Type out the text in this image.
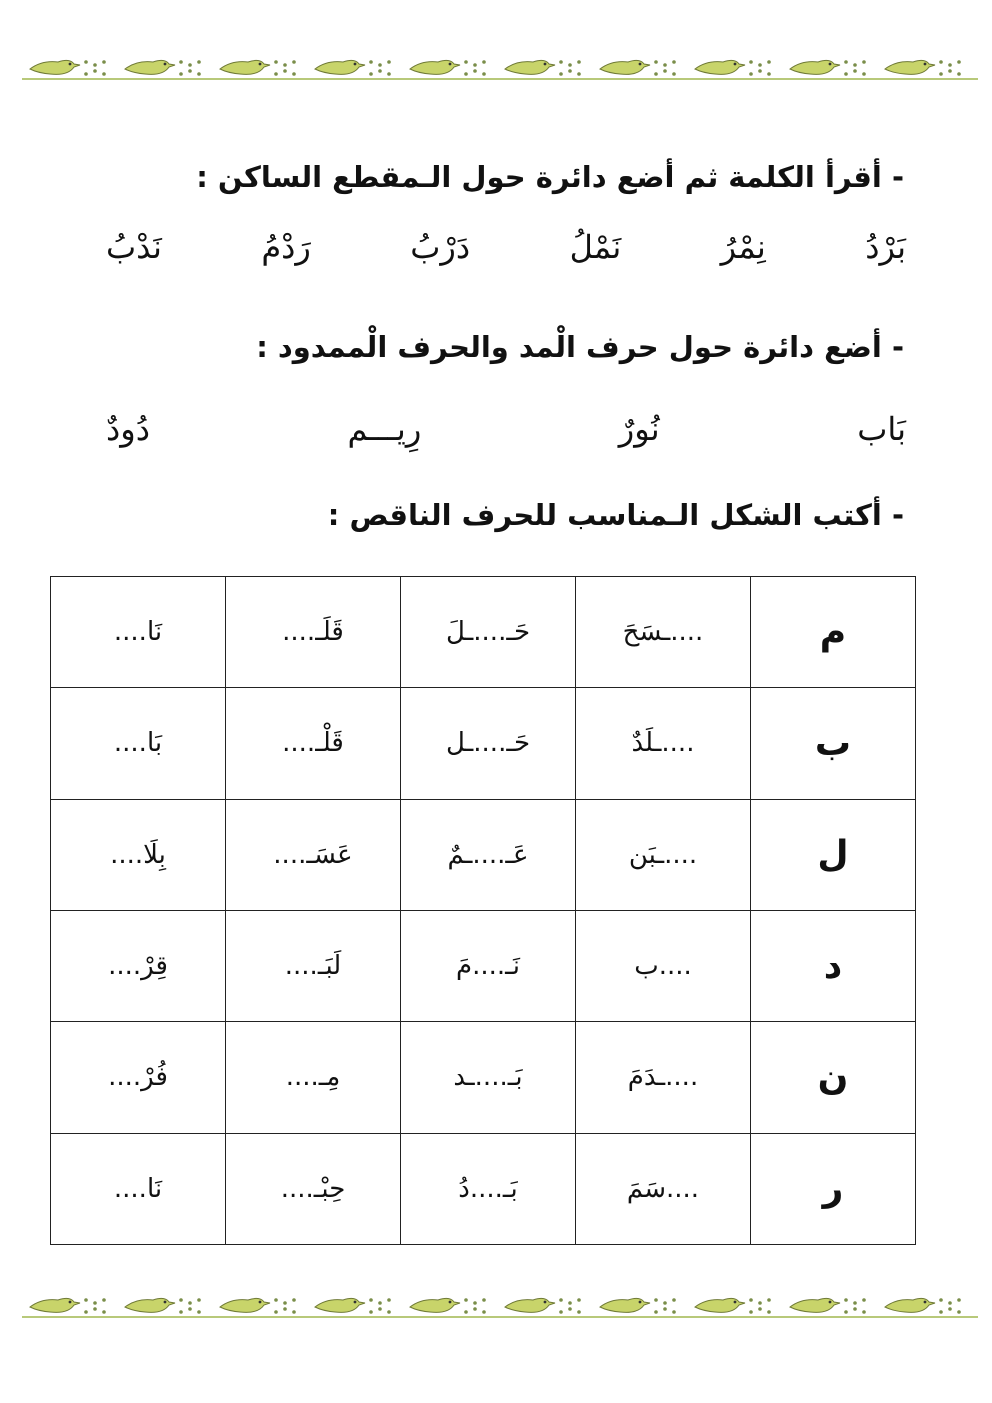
- أقرأ الكلمة ثم أضع دائرة حول الـمقطع الساكن :
بَرْدُ
نِمْرُ
نَمْلُ
دَرْبُ
رَدْمُ
نَدْبُ
- أضع دائرة حول حرف الْمد والحرف الْممدود :
بَاب
نُورٌ
رِيـــم
دُودٌ
- أكتب الشكل الـمناسب للحرف الناقص :
م	....ـسَحَ	حَـ....ـلَ	قَلَـ....	نَا....
ب	....ـلَدٌ	حَـ....ـل	قَلْـ....	بَا....
ل	....ـبَن	عَـ....ـمٌ	عَسَـ....	بِلَا....
د	....ب	نَـ....مَ	لَبَـ....	قِرْ....
ن	....ـدَمَ	بَـ....ـد	مِـ....	فُرْ....
ر	....سَمَ	بَـ....دُ	حِبْـ....	نَا....
